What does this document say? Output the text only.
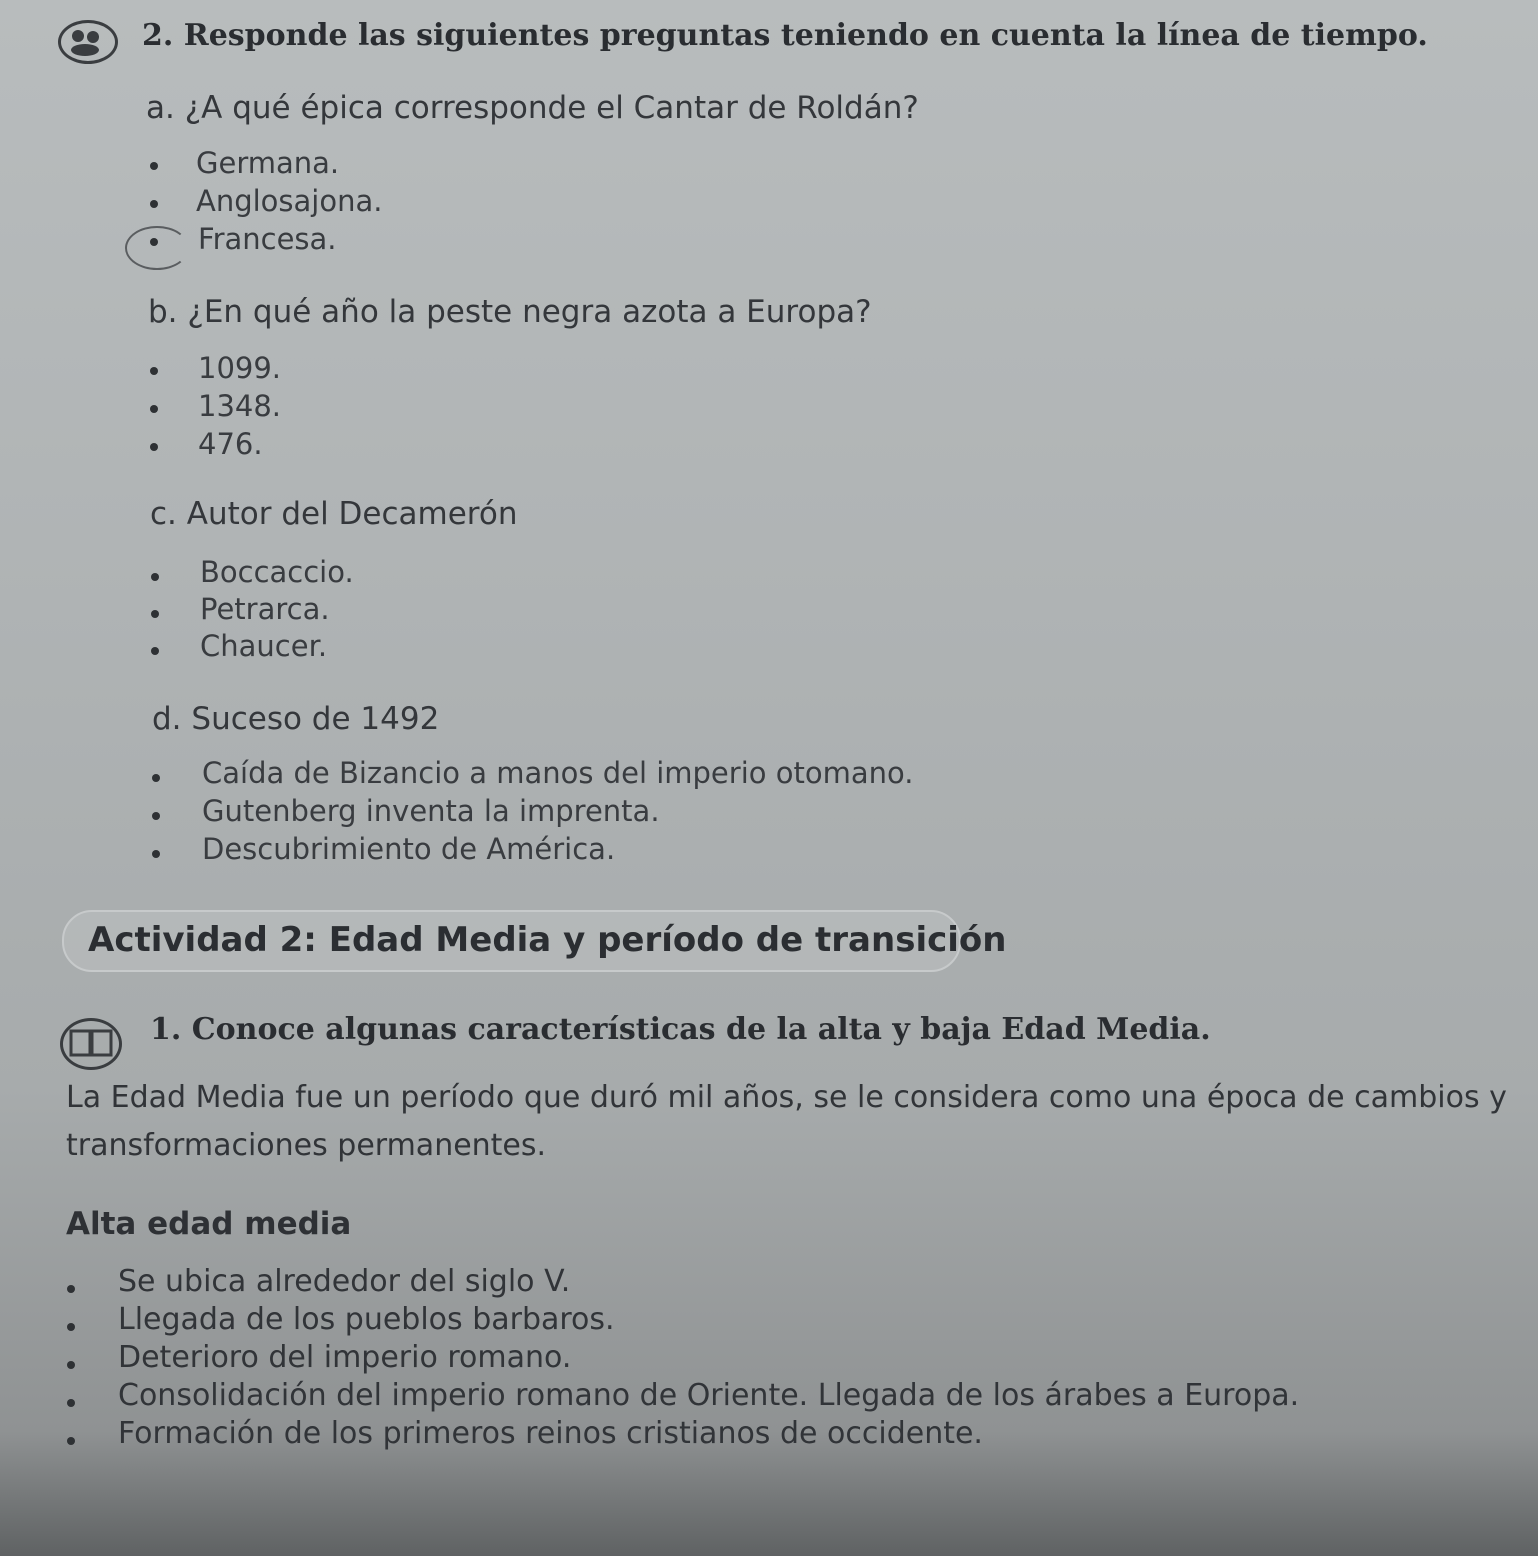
2. Responde las siguientes preguntas teniendo en cuenta la línea de tiempo.
a. ¿A qué épica corresponde el Cantar de Roldán?
Germana.
Anglosajona.
Francesa.
b. ¿En qué año la peste negra azota a Europa?
1099.
1348.
476.
c. Autor del Decamerón
Boccaccio.
Petrarca.
Chaucer.
d. Suceso de 1492
Caída de Bizancio a manos del imperio otomano.
Gutenberg inventa la imprenta.
Descubrimiento de América.
Actividad 2: Edad Media y período de transición
1. Conoce algunas características de la alta y baja Edad Media.
La Edad Media fue un período que duró mil años, se le considera como una época de cambios y
transformaciones permanentes.
Alta edad media
Se ubica alrededor del siglo V.
Llegada de los pueblos barbaros.
Deterioro del imperio romano.
Consolidación del imperio romano de Oriente. Llegada de los árabes a Europa.
Formación de los primeros reinos cristianos de occidente.
